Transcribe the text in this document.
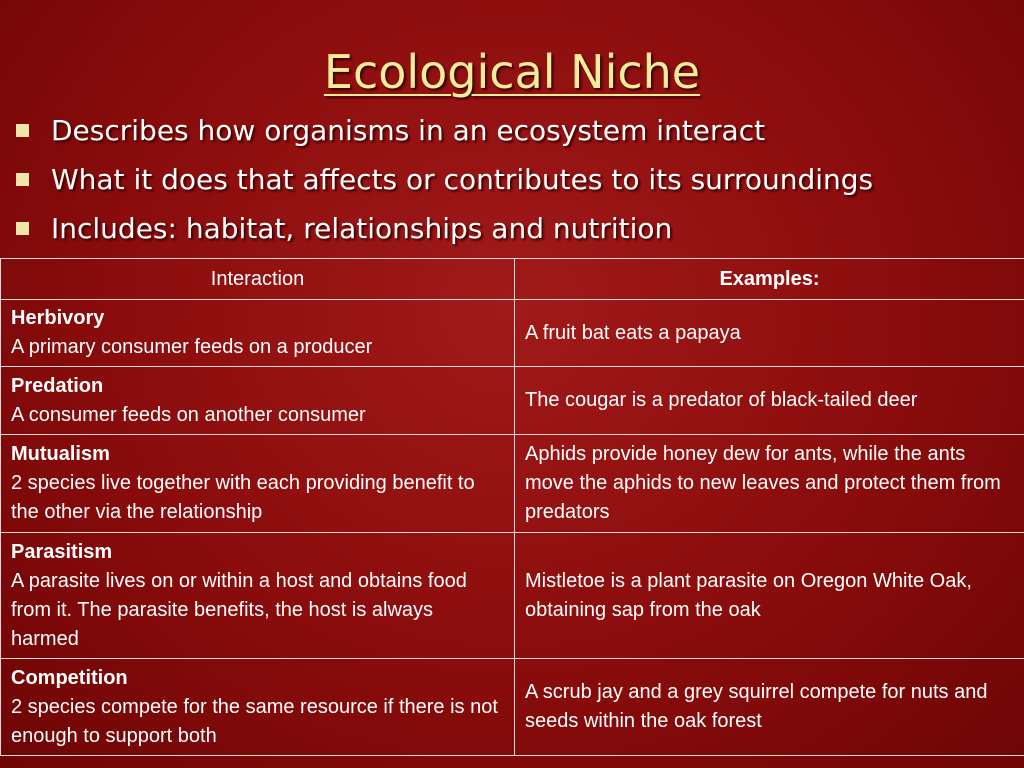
Ecological Niche
Describes how organisms in an ecosystem interact
What it does that affects or contributes to its surroundings
Includes: habitat, relationships and nutrition
Interaction	Examples:

Herbivory
A primary consumer feeds on a producer	A fruit bat eats a papaya

Predation
A consumer feeds on another consumer	The cougar is a predator of black-tailed deer

Mutualism
2 species live together with each providing benefit to the other via the relationship	Aphids provide honey dew for ants, while the ants move the aphids to new leaves and protect them from predators

Parasitism
A parasite lives on or within a host and obtains food from it. The parasite benefits, the host is always harmed	Mistletoe is a plant parasite on Oregon White Oak, obtaining sap from the oak

Competition
2 species compete for the same resource if there is not enough to support both	A scrub jay and a grey squirrel compete for nuts and seeds within the oak forest
